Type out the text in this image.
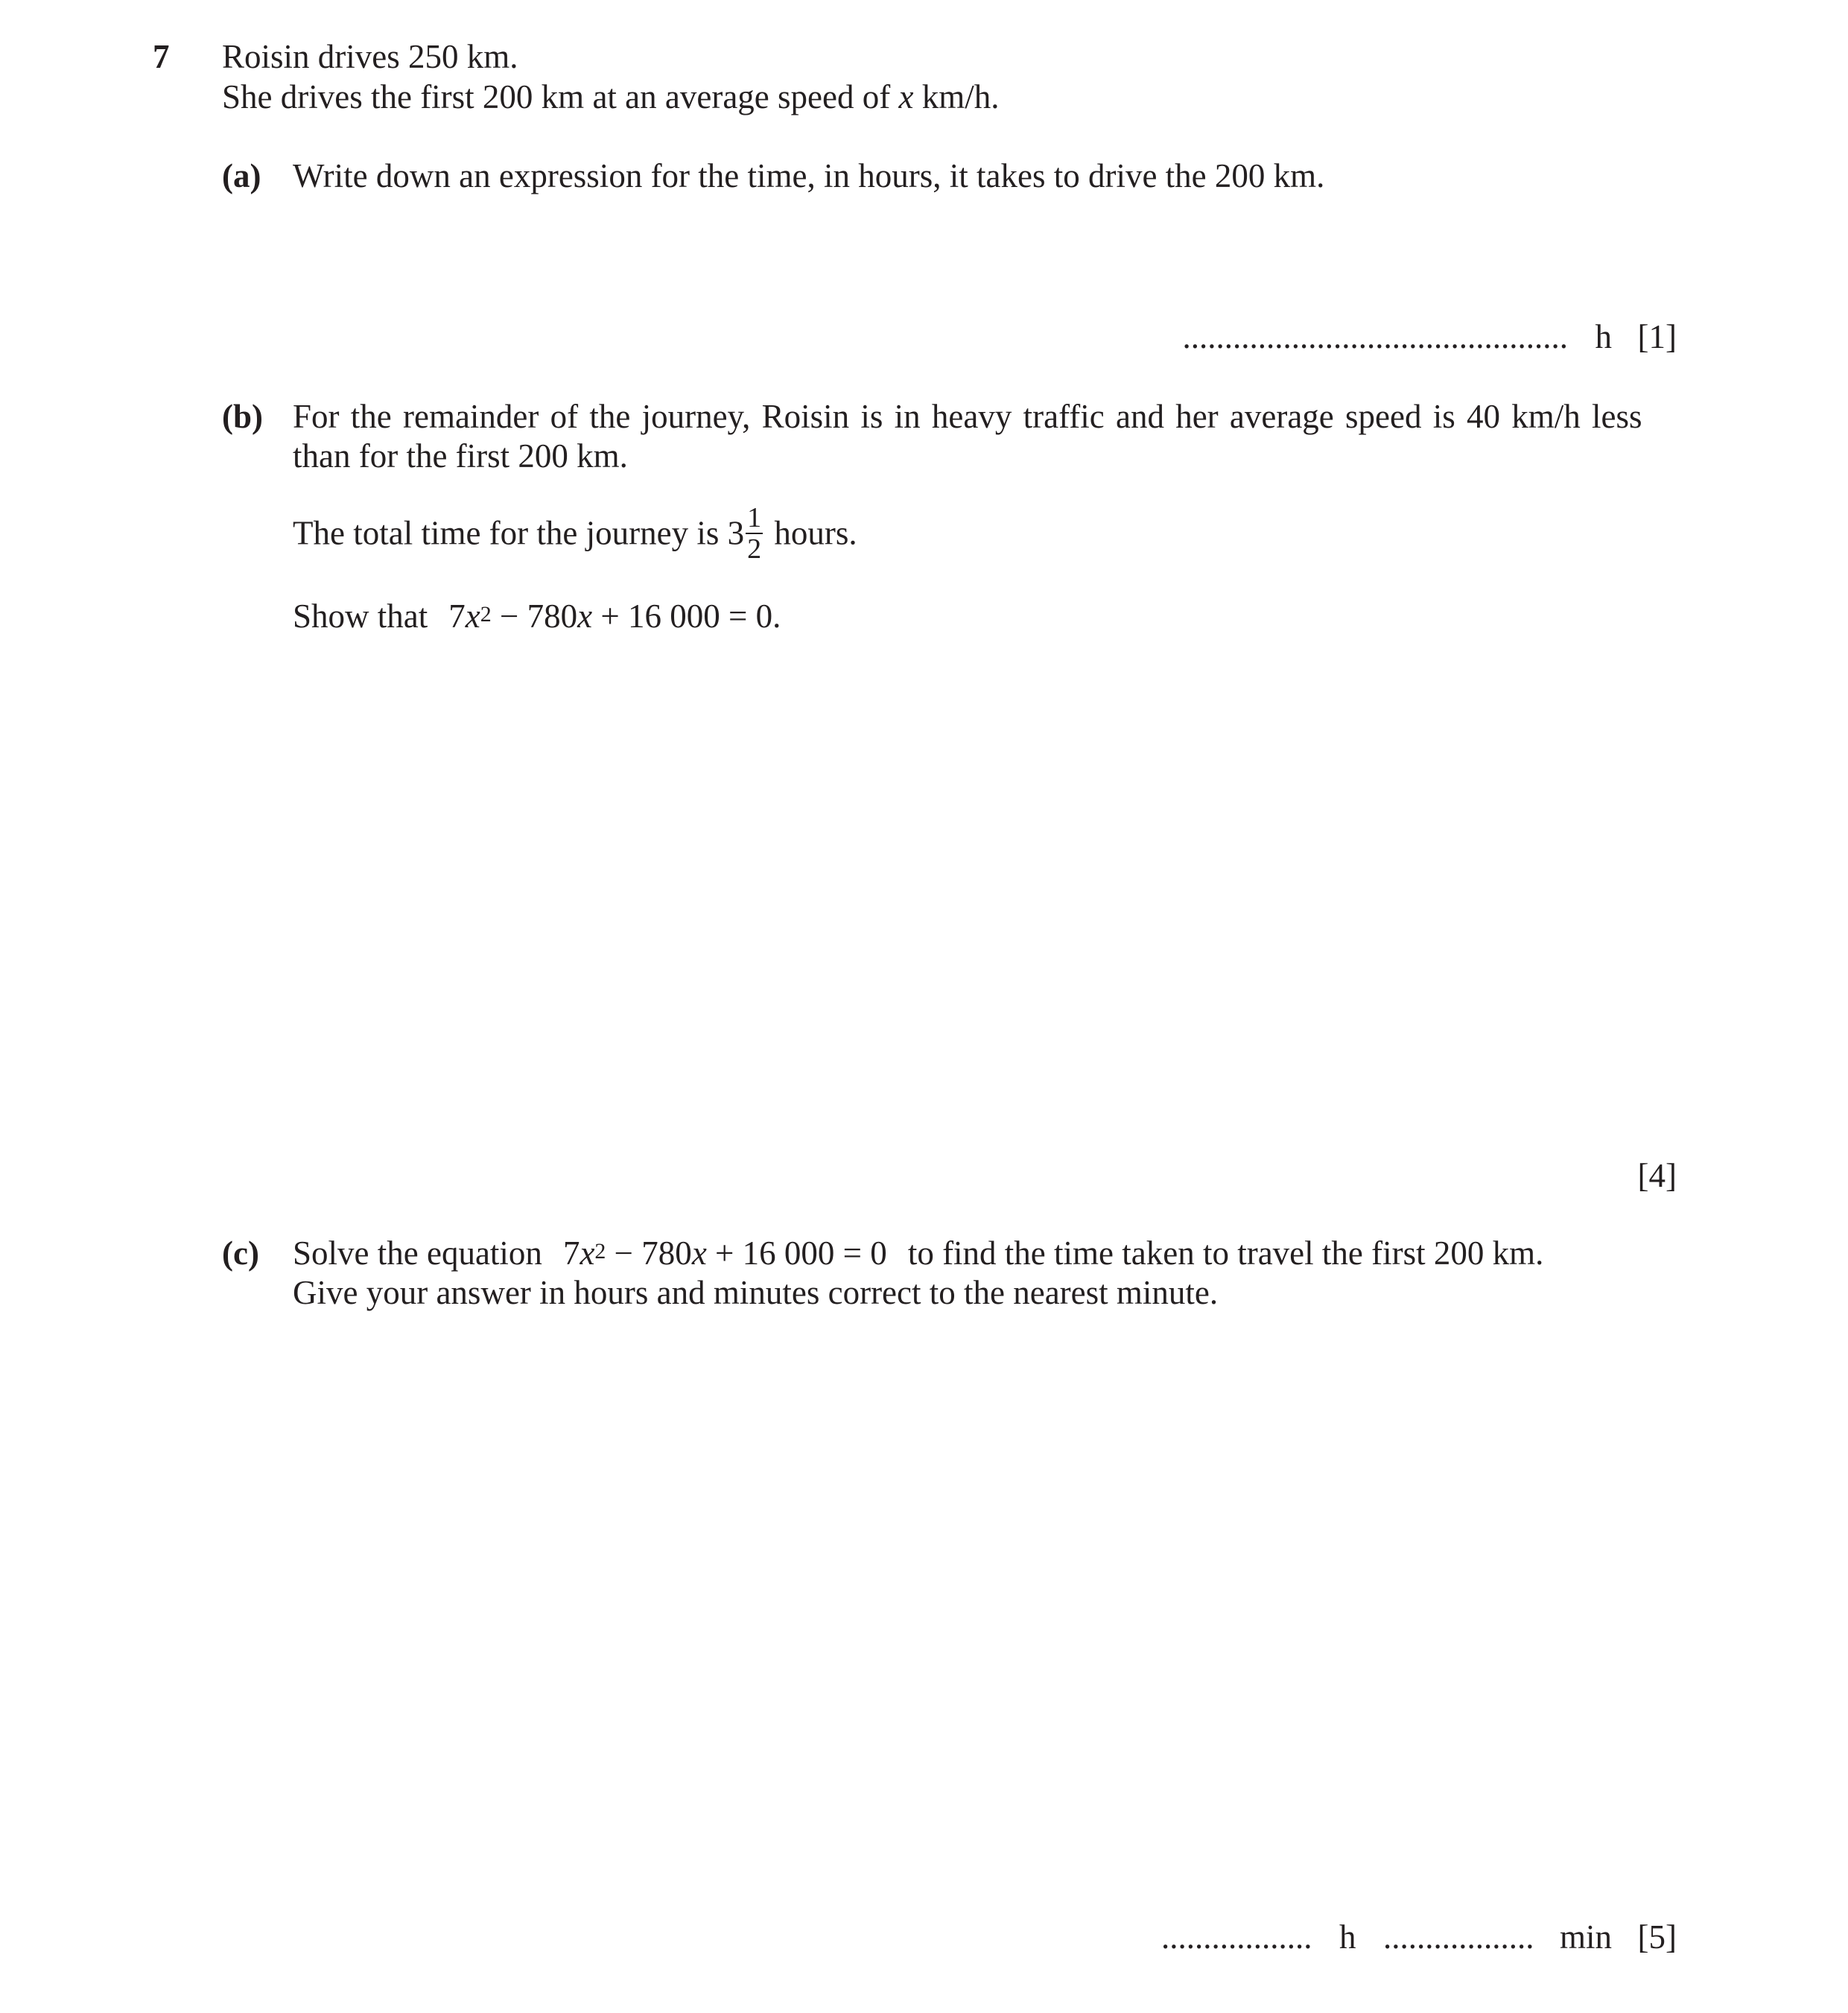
7 Roisin drives 250 km.
She drives the first 200 km at an average speed of x km/h.
(a) Write down an expression for the time, in hours, it takes to drive the 200 km.
.............................................. h [1]
(b) For the remainder of the journey, Roisin is in heavy traffic and her average speed is 40 km/h less
than for the first 200 km.
The total time for the journey is $3 \frac{1}{2}$ hours.
Show that $7x^2 - 780x + 16$ 000 = 0.
[4]
(c) Solve the equation $7x^2 - 780x + 16$ 000 = 0 to find the time taken to travel the first 200 km.
Give your answer in hours and minutes correct to the nearest minute.
.................. h .................. min [5]
